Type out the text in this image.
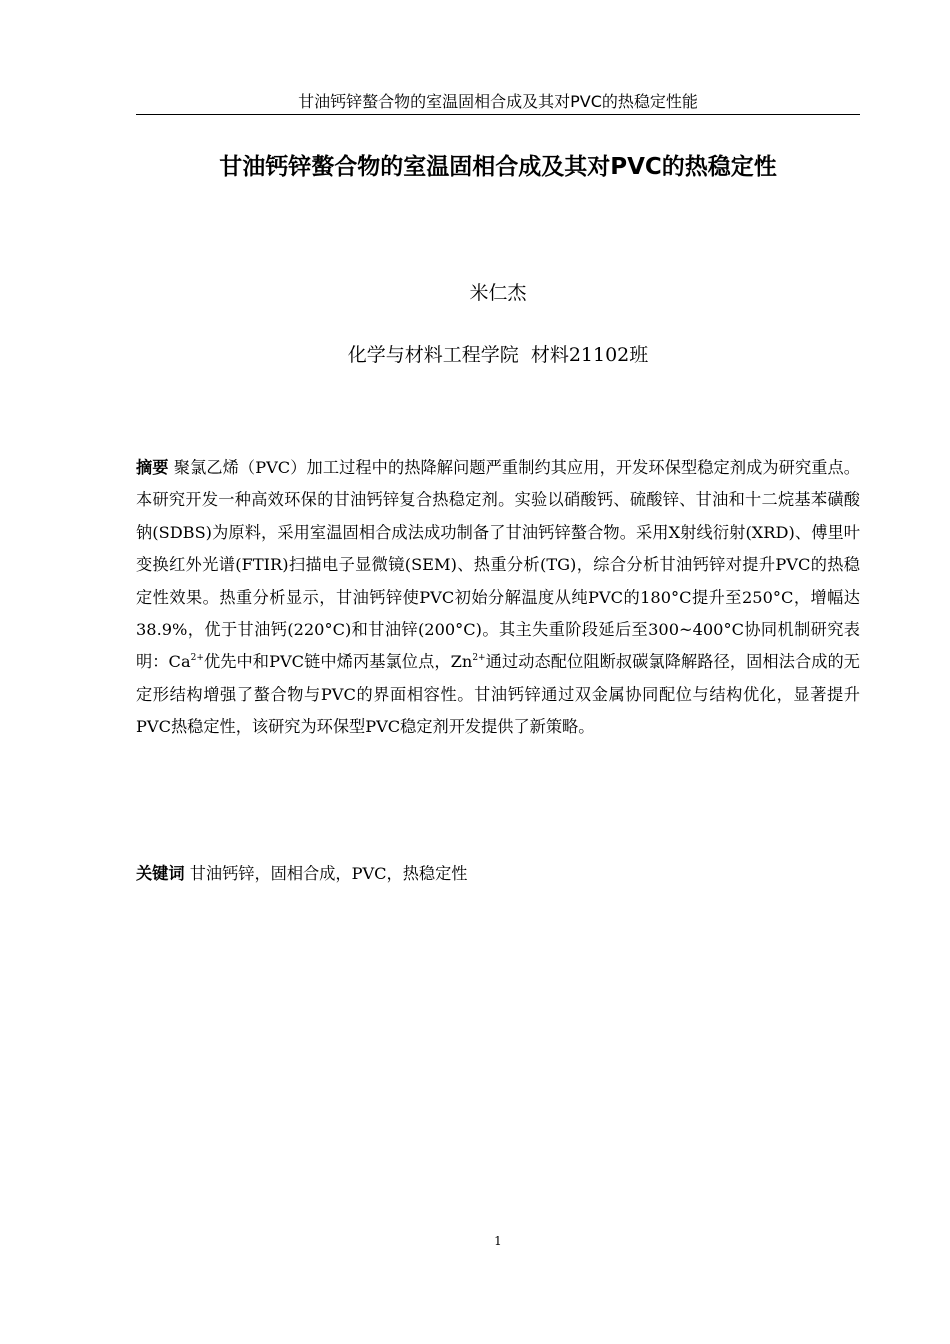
甘油钙锌螯合物的室温固相合成及其对PVC的热稳定性能
甘油钙锌螯合物的室温固相合成及其对PVC的热稳定性
米仁杰
化学与材料工程学院  材料21102班
摘要 聚氯乙烯（PVC）加工过程中的热降解问题严重制约其应用，开发环保型稳定剂成为研究重点。本研究开发一种高效环保的甘油钙锌复合热稳定剂。实验以硝酸钙、硫酸锌、甘油和十二烷基苯磺酸钠(SDBS)为原料，采用室温固相合成法成功制备了甘油钙锌螯合物。采用X射线衍射(XRD)、傅里叶变换红外光谱(FTIR)扫描电子显微镜(SEM)、热重分析(TG)，综合分析甘油钙锌对提升PVC的热稳定性效果。热重分析显示，甘油钙锌使PVC初始分解温度从纯PVC的180°C提升至250°C，增幅达38.9%，优于甘油钙(220°C)和甘油锌(200°C)。其主失重阶段延后至300~400°C协同机制研究表明：$Ca^{2+}$优先中和PVC链中烯丙基氯位点，$Zn^{2+}$通过动态配位阻断叔碳氯降解路径，固相法合成的无定形结构增强了螯合物与PVC的界面相容性。甘油钙锌通过双金属协同配位与结构优化，显著提升PVC热稳定性，该研究为环保型PVC稳定剂开发提供了新策略。
关键词 甘油钙锌，固相合成，PVC，热稳定性
1
